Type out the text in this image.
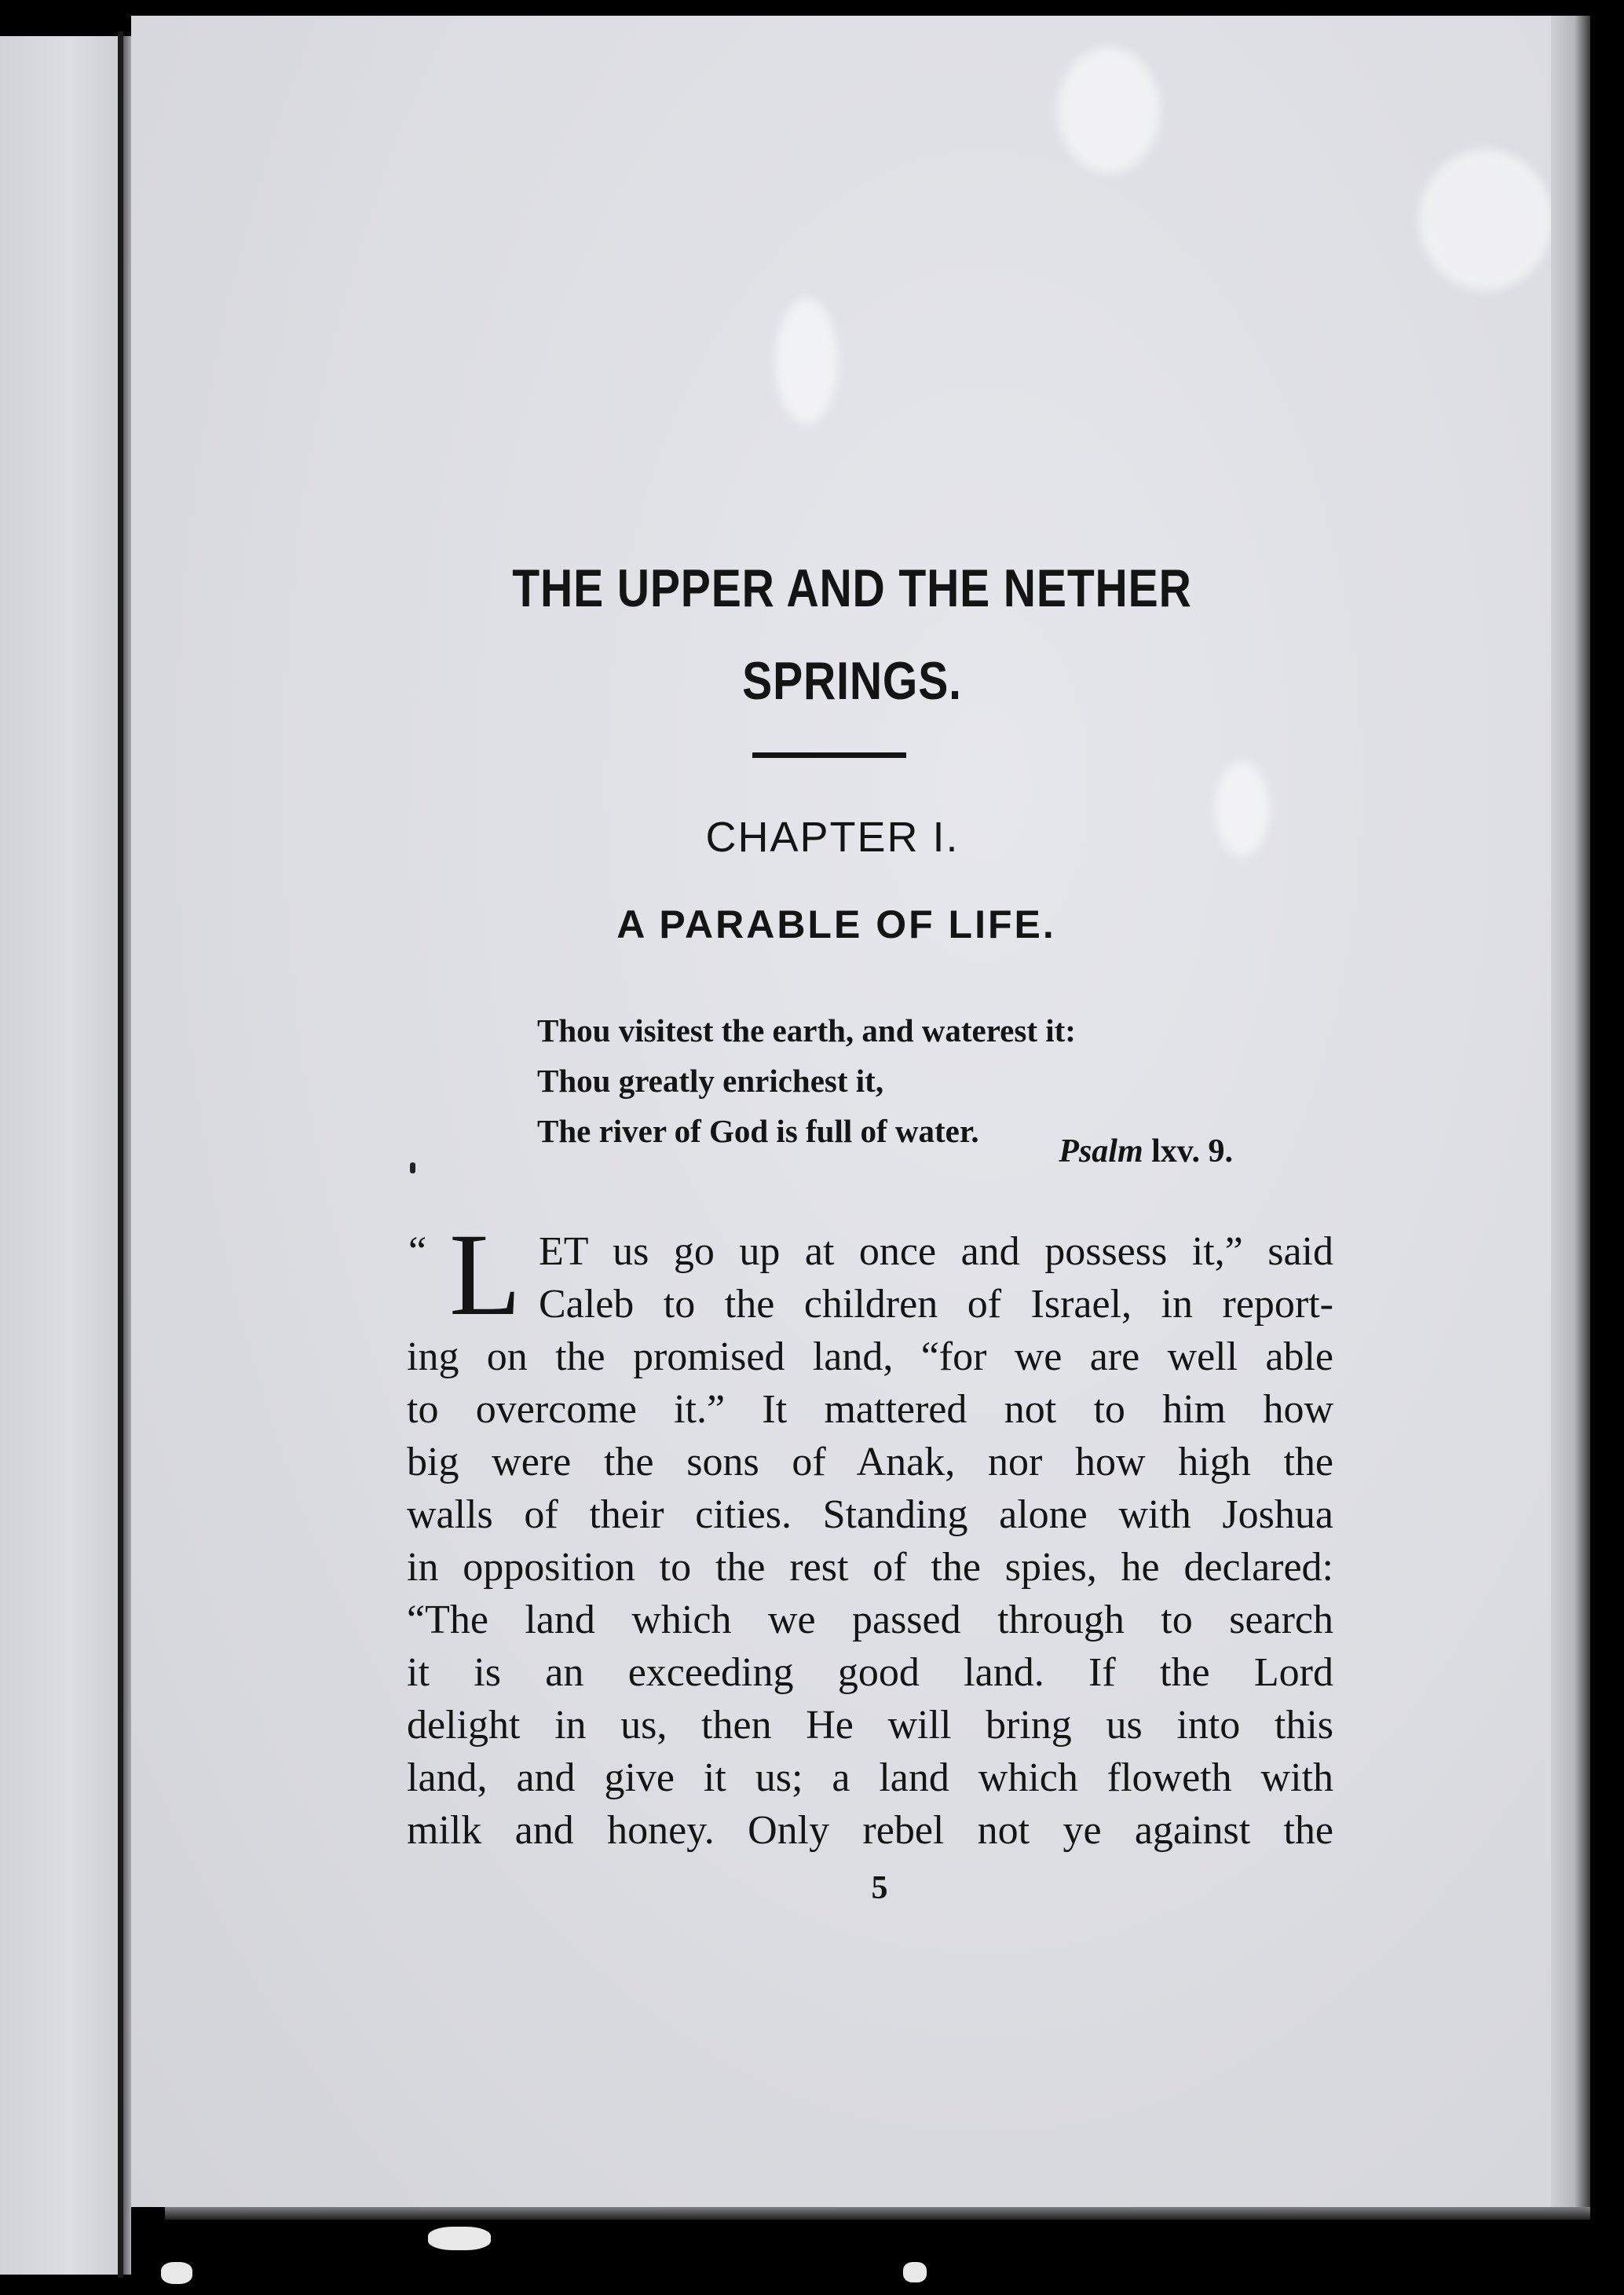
THE UPPER AND THE NETHER
SPRINGS.
CHAPTER I.
A PARABLE OF LIFE.
Thou visitest the earth, and waterest it:
Thou greatly enrichest it,
The river of God is full of water.
Psalm lxv. 9.
“ L ET us go up at once and possess it,” said
Caleb to the children of Israel, in report-
ing on the promised land, “for we are well able
to overcome it.” It mattered not to him how
big were the sons of Anak, nor how high the
walls of their cities. Standing alone with Joshua
in opposition to the rest of the spies, he declared:
“The land which we passed through to search
it is an exceeding good land. If the Lord
delight in us, then He will bring us into this
land, and give it us; a land which floweth with
milk and honey. Only rebel not ye against the
5
